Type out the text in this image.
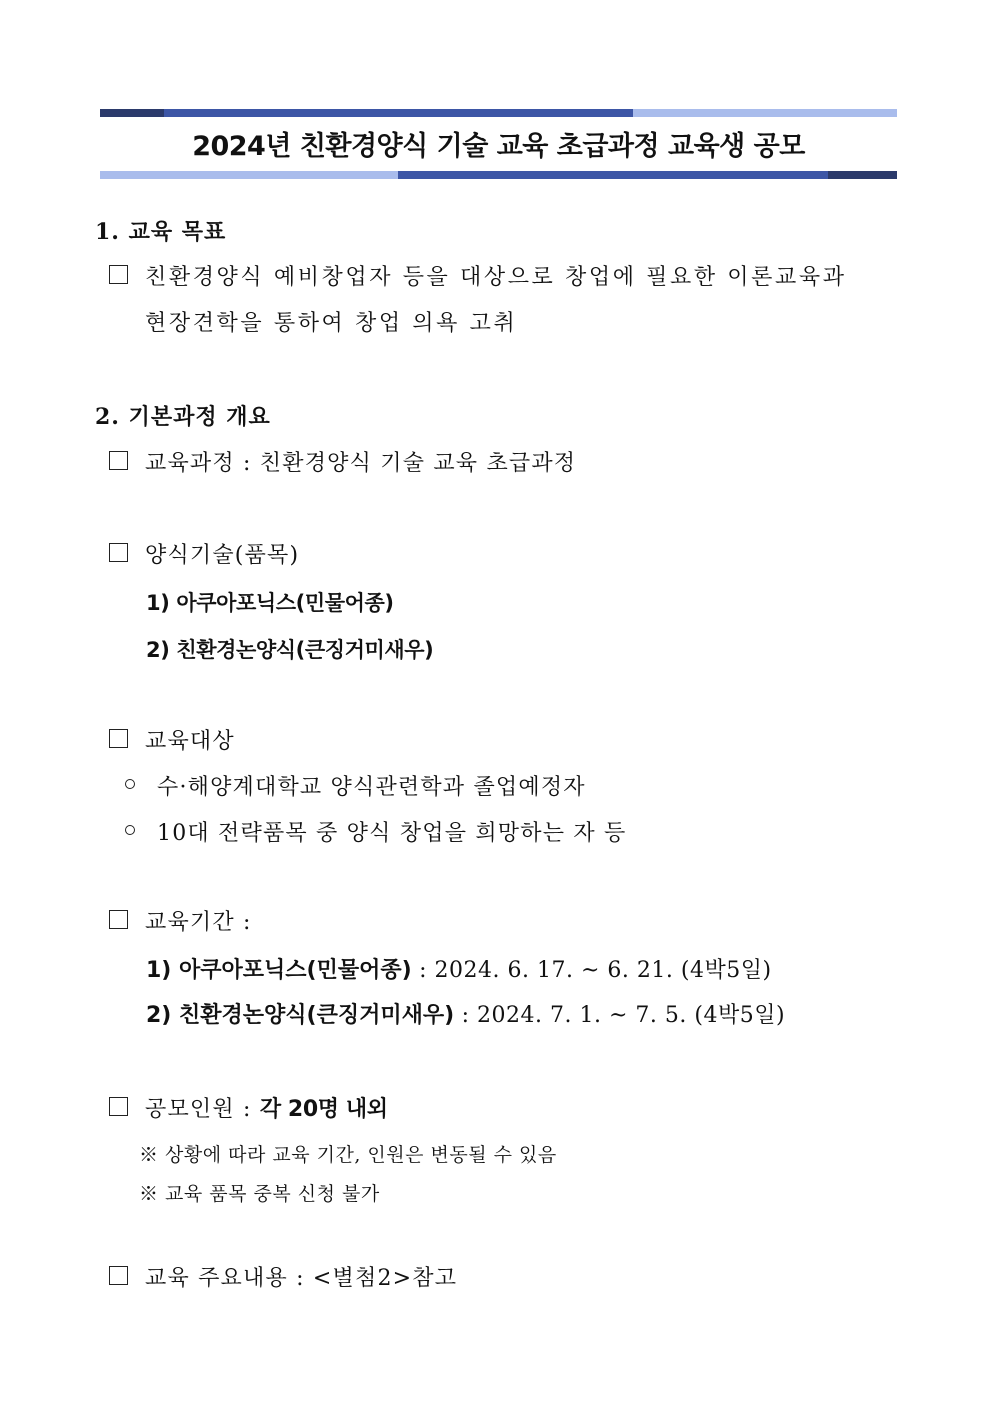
2024년 친환경양식 기술 교육 초급과정 교육생 공모
1. 교육 목표
친환경양식 예비창업자 등을 대상으로 창업에 필요한 이론교육과
현장견학을 통하여 창업 의욕 고취
2. 기본과정 개요
교육과정 : 친환경양식 기술 교육 초급과정
양식기술(품목)
1) 아쿠아포닉스(민물어종)
2) 친환경논양식(큰징거미새우)
교육대상
수·해양계대학교 양식관련학과 졸업예정자
10대 전략품목 중 양식 창업을 희망하는 자 등
교육기간 :
1) 아쿠아포닉스(민물어종) : 2024. 6. 17. ~ 6. 21. (4박5일)
2) 친환경논양식(큰징거미새우) : 2024. 7. 1. ~ 7. 5. (4박5일)
공모인원 : 각 20명 내외
※ 상황에 따라 교육 기간, 인원은 변동될 수 있음
※ 교육 품목 중복 신청 불가
교육 주요내용 : <별첨2>참고
